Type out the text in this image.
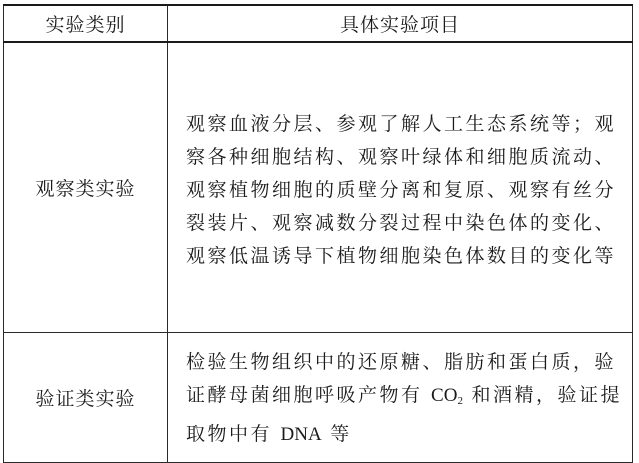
实验类别	具体实验项目
观察类实验	观察血液分层、参观了解人工生态系统等；观察各种细胞结构、观察叶绿体和细胞质流动、观察植物细胞的质壁分离和复原、观察有丝分裂装片、观察减数分裂过程中染色体的变化、观察低温诱导下植物细胞染色体数目的变化等
验证类实验	检验生物组织中的还原糖、脂肪和蛋白质，验证酵母菌细胞呼吸产物有 $CO_2$ 和酒精，验证提取物中有 DNA 等
